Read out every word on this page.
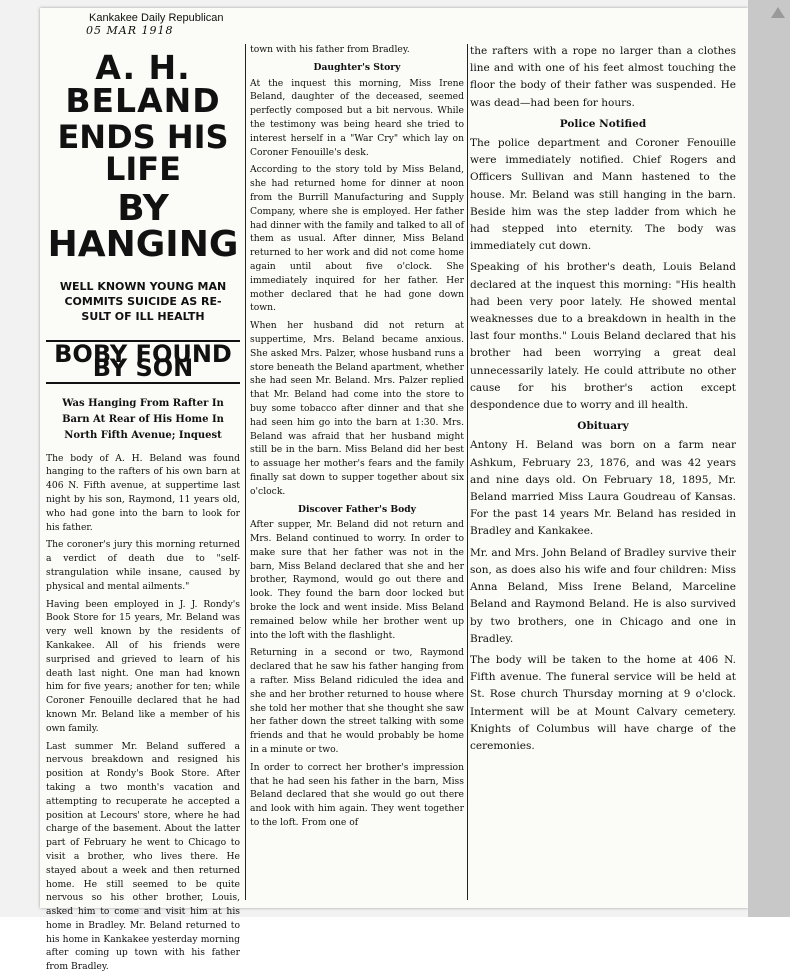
Kankakee Daily Republican
05 MAR 1918
A. H. BELAND
ENDS HIS LIFE
BY HANGING
WELL KNOWN YOUNG MAN COMMITS SUICIDE AS RE-SULT OF ILL HEALTH
BOBY FOUND BY SON
Was Hanging From Rafter In Barn At Rear of His Home In North Fifth Avenue; Inquest

The body of A. H. Beland was found hanging to the rafters of his own barn at 406 N. Fifth avenue, at suppertime last night by his son, Raymond, 11 years old, who had gone into the barn to look for his father.

The coroner's jury this morning returned a verdict of death due to "self-strangulation while insane, caused by physical and mental ailments."

Having been employed in J. J. Rondy's Book Store for 15 years, Mr. Beland was very well known by the residents of Kankakee. All of his friends were surprised and grieved to learn of his death last night. One man had known him for five years; another for ten; while Coroner Fenouille declared that he had known Mr. Beland like a member of his own family.

Last summer Mr. Beland suffered a nervous breakdown and resigned his position at Rondy's Book Store. After taking a two month's vacation and attempting to recuperate he accepted a position at Lecours' store, where he had charge of the basement. About the latter part of February he went to Chicago to visit a brother, who lives there. He stayed about a week and then returned home. He still seemed to be quite nervous so his other brother, Louis, asked him to come and visit him at his home in Bradley. Mr. Beland returned to his home in Kankakee yesterday morning after coming up town with his father from Bradley.

town with his father from Bradley.

Daughter's Story

At the inquest this morning, Miss Irene Beland, daughter of the deceased, seemed perfectly composed but a bit nervous. While the testimony was being heard she tried to interest herself in a "War Cry" which lay on Coroner Fenouille's desk.

According to the story told by Miss Beland, she had returned home for dinner at noon from the Burrill Manufacturing and Supply Company, where she is employed. Her father had dinner with the family and talked to all of them as usual. After dinner, Miss Beland returned to her work and did not come home again until about five o'clock. She immediately inquired for her father. Her mother declared that he had gone down town.

When her husband did not return at suppertime, Mrs. Beland became anxious. She asked Mrs. Palzer, whose husband runs a store beneath the Beland apartment, whether she had seen Mr. Beland. Mrs. Palzer replied that Mr. Beland had come into the store to buy some tobacco after dinner and that she had seen him go into the barn at 1:30. Mrs. Beland was afraid that her husband might still be in the barn. Miss Beland did her best to assuage her mother's fears and the family finally sat down to supper together about six o'clock.

Discover Father's Body

After supper, Mr. Beland did not return and Mrs. Beland continued to worry. In order to make sure that her father was not in the barn, Miss Beland declared that she and her brother, Raymond, would go out there and look. They found the barn door locked but broke the lock and went inside. Miss Beland remained below while her brother went up into the loft with the flashlight.

Returning in a second or two, Raymond declared that he saw his father hanging from a rafter. Miss Beland ridiculed the idea and she and her brother returned to house where she told her mother that she thought she saw her father down the street talking with some friends and that he would probably be home in a minute or two.

In order to correct her brother's impression that he had seen his father in the barn, Miss Beland declared that she would go out there and look with him again. They went together to the loft. From one of

the rafters with a rope no larger than a clothes line and with one of his feet almost touching the floor the body of their father was suspended. He was dead—had been for hours.

Police Notified

The police department and Coroner Fenouille were immediately notified. Chief Rogers and Officers Sullivan and Mann hastened to the house. Mr. Beland was still hanging in the barn. Beside him was the step ladder from which he had stepped into eternity. The body was immediately cut down.

Speaking of his brother's death, Louis Beland declared at the inquest this morning: "His health had been very poor lately. He showed mental weaknesses due to a breakdown in health in the last four months." Louis Beland declared that his brother had been worrying a great deal unnecessarily lately. He could attribute no other cause for his brother's action except despondence due to worry and ill health.

Obituary

Antony H. Beland was born on a farm near Ashkum, February 23, 1876, and was 42 years and nine days old. On February 18, 1895, Mr. Beland married Miss Laura Goudreau of Kansas. For the past 14 years Mr. Beland has resided in Bradley and Kankakee.

Mr. and Mrs. John Beland of Bradley survive their son, as does also his wife and four children: Miss Anna Beland, Miss Irene Beland, Marceline Beland and Raymond Beland. He is also survived by two brothers, one in Chicago and one in Bradley.

The body will be taken to the home at 406 N. Fifth avenue. The funeral service will be held at St. Rose church Thursday morning at 9 o'clock. Interment will be at Mount Calvary cemetery. Knights of Columbus will have charge of the ceremonies.
